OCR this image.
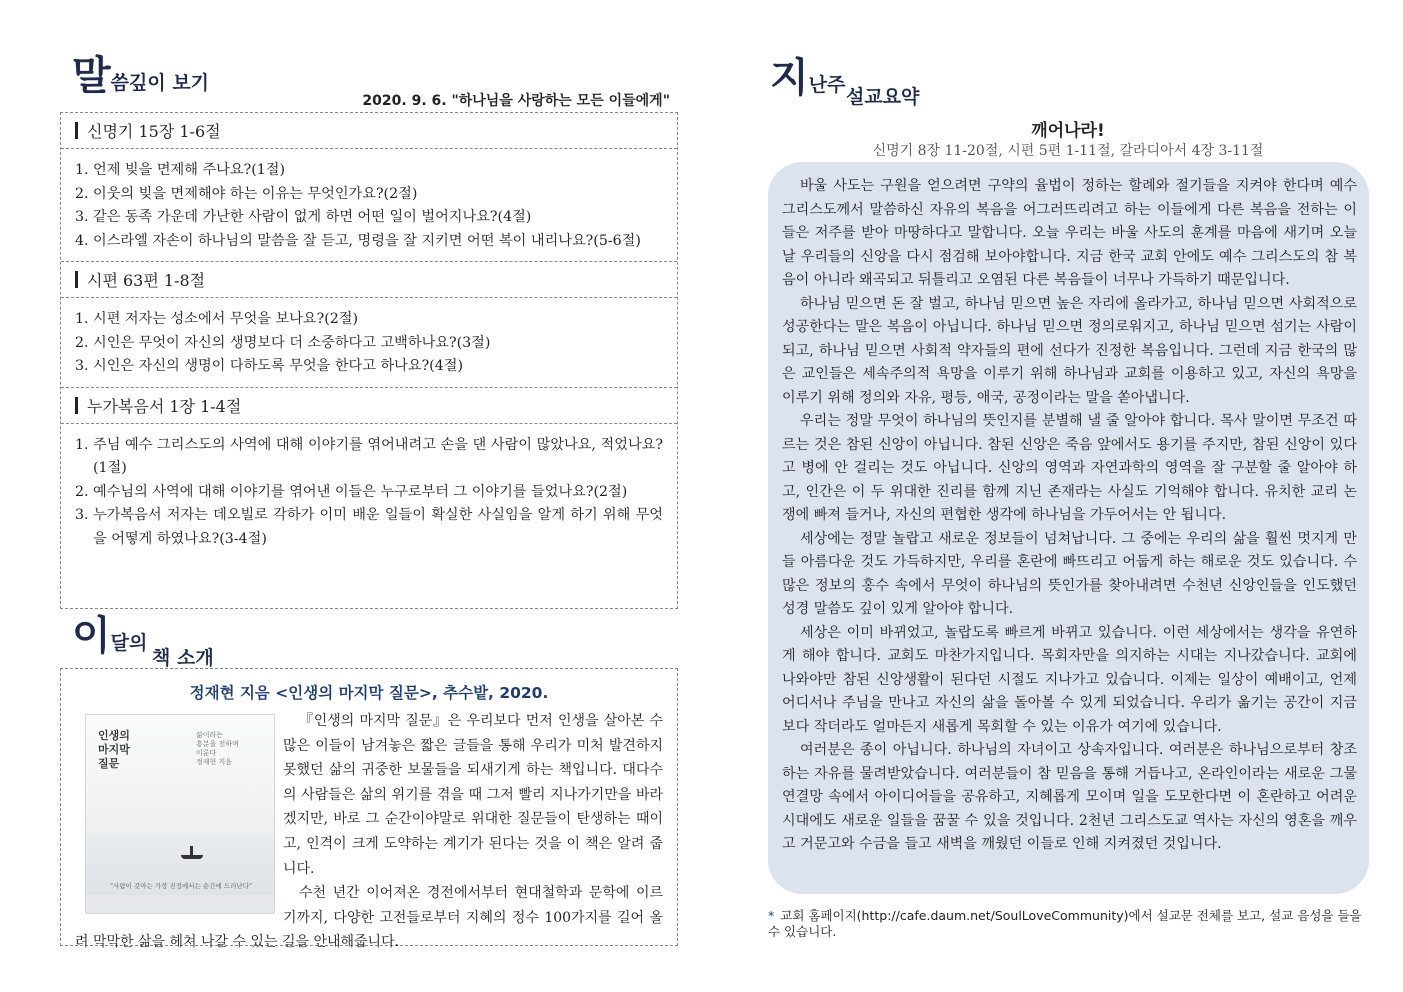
말씀깊이 보기
2020. 9. 6. "하나님을 사랑하는 모든 이들에게"
신명기 15장 1-6절
1. 언제 빚을 면제해 주나요?(1절)
2. 이웃의 빚을 면제해야 하는 이유는 무엇인가요?(2절)
3. 같은 동족 가운데 가난한 사람이 없게 하면 어떤 일이 벌어지나요?(4절)
4. 이스라엘 자손이 하나님의 말씀을 잘 듣고, 명령을 잘 지키면 어떤 복이 내리나요?(5-6절)
시편 63편 1-8절
1. 시편 저자는 성소에서 무엇을 보나요?(2절)
2. 시인은 무엇이 자신의 생명보다 더 소중하다고 고백하나요?(3절)
3. 시인은 자신의 생명이 다하도록 무엇을 한다고 하나요?(4절)
누가복음서 1장 1-4절
1. 주님 예수 그리스도의 사역에 대해 이야기를 엮어내려고 손을 댄 사람이 많았나요, 적었나요?(1절)
2. 예수님의 사역에 대해 이야기를 엮어낸 이들은 누구로부터 그 이야기를 들었나요?(2절)
3. 누가복음서 저자는 데오빌로 각하가 이미 배운 일들이 확실한 사실임을 알게 하기 위해 무엇을 어떻게 하였나요?(3-4절)
이달의
책 소개
정재현 지음 <인생의 마지막 질문>, 추수밭, 2020.
인생의
마지막
질문
삶이라는
흥분을 전하며
이룬다
정재현 지음
"사람이 갖아는 가장 진정에서는 순간에 드러난다"

『인생의 마지막 질문』은 우리보다 먼저 인생을 살아본 수많은 이들이 남겨놓은 짧은 글들을 통해 우리가 미처 발견하지 못했던 삶의 귀중한 보물들을 되새기게 하는 책입니다. 대다수의 사람들은 삶의 위기를 겪을 때 그저 빨리 지나가기만을 바라겠지만, 바로 그 순간이야말로 위대한 질문들이 탄생하는 때이고, 인격이 크게 도약하는 계기가 된다는 것을 이 책은 알려 줍니다.

수천 년간 이어져온 경전에서부터 현대철학과 문학에 이르기까지, 다양한 고전들로부터 지혜의 정수 100가지를 길어 올려 막막한 삶을 헤쳐 나갈 수 있는 길을 안내해줍니다.

지난주
설교요약
깨어나라!
신명기 8장 11-20절, 시편 5편 1-11절, 갈라디아서 4장 3-11절

바울 사도는 구원을 얻으려면 구약의 율법이 정하는 할례와 절기들을 지켜야 한다며 예수 그리스도께서 말씀하신 자유의 복음을 어그러뜨리려고 하는 이들에게 다른 복음을 전하는 이들은 저주를 받아 마땅하다고 말합니다. 오늘 우리는 바울 사도의 훈계를 마음에 새기며 오늘날 우리들의 신앙을 다시 점검해 보아야합니다. 지금 한국 교회 안에도 예수 그리스도의 참 복음이 아니라 왜곡되고 뒤틀리고 오염된 다른 복음들이 너무나 가득하기 때문입니다.

하나님 믿으면 돈 잘 벌고, 하나님 믿으면 높은 자리에 올라가고, 하나님 믿으면 사회적으로 성공한다는 말은 복음이 아닙니다. 하나님 믿으면 정의로워지고, 하나님 믿으면 섬기는 사람이 되고, 하나님 믿으면 사회적 약자들의 편에 선다가 진정한 복음입니다. 그런데 지금 한국의 많은 교인들은 세속주의적 욕망을 이루기 위해 하나님과 교회를 이용하고 있고, 자신의 욕망을 이루기 위해 정의와 자유, 평등, 애국, 공정이라는 말을 쏟아냅니다.

우리는 정말 무엇이 하나님의 뜻인지를 분별해 낼 줄 알아야 합니다. 목사 말이면 무조건 따르는 것은 참된 신앙이 아닙니다. 참된 신앙은 죽음 앞에서도 용기를 주지만, 참된 신앙이 있다고 병에 안 걸리는 것도 아닙니다. 신앙의 영역과 자연과학의 영역을 잘 구분할 줄 알아야 하고, 인간은 이 두 위대한 진리를 함께 지닌 존재라는 사실도 기억해야 합니다. 유치한 교리 논쟁에 빠져 들거나, 자신의 편협한 생각에 하나님을 가두어서는 안 됩니다.

세상에는 정말 놀랍고 새로운 정보들이 넘쳐납니다. 그 중에는 우리의 삶을 훨씬 멋지게 만들 아름다운 것도 가득하지만, 우리를 혼란에 빠뜨리고 어둡게 하는 해로운 것도 있습니다. 수많은 정보의 홍수 속에서 무엇이 하나님의 뜻인가를 찾아내려면 수천년 신앙인들을 인도했던 성경 말씀도 깊이 있게 알아야 합니다.

세상은 이미 바뀌었고, 놀랍도록 빠르게 바뀌고 있습니다. 이런 세상에서는 생각을 유연하게 해야 합니다. 교회도 마찬가지입니다. 목회자만을 의지하는 시대는 지나갔습니다. 교회에 나와야만 참된 신앙생활이 된다던 시절도 지나가고 있습니다. 이제는 일상이 예배이고, 언제 어디서나 주님을 만나고 자신의 삶을 돌아볼 수 있게 되었습니다. 우리가 옮기는 공간이 지금보다 작더라도 얼마든지 새롭게 목회할 수 있는 이유가 여기에 있습니다.

여러분은 종이 아닙니다. 하나님의 자녀이고 상속자입니다. 여러분은 하나님으로부터 창조하는 자유를 물려받았습니다. 여러분들이 참 믿음을 통해 거듭나고, 온라인이라는 새로운 그물연결망 속에서 아이디어들을 공유하고, 지혜롭게 모이며 일을 도모한다면 이 혼란하고 어려운 시대에도 새로운 일들을 꿈꿀 수 있을 것입니다. 2천년 그리스도교 역사는 자신의 영혼을 깨우고 거문고와 수금을 들고 새벽을 깨웠던 이들로 인해 지켜졌던 것입니다.

* 교회 홈페이지(http://cafe.daum.net/SoulLoveCommunity)에서 설교문 전체를 보고, 설교 음성을 들을 수 있습니다.
